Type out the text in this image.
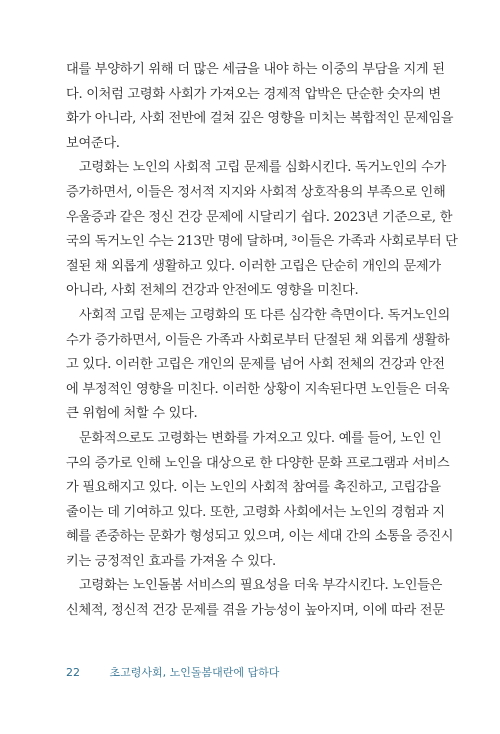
대를 부양하기 위해 더 많은 세금을 내야 하는 이중의 부담을 지게 된
다. 이처럼 고령화 사회가 가져오는 경제적 압박은 단순한 숫자의 변
화가 아니라, 사회 전반에 걸쳐 깊은 영향을 미치는 복합적인 문제임을
보여준다.
고령화는 노인의 사회적 고립 문제를 심화시킨다. 독거노인의 수가
증가하면서, 이들은 정서적 지지와 사회적 상호작용의 부족으로 인해
우울증과 같은 정신 건강 문제에 시달리기 쉽다. 2023년 기준으로, 한
국의 독거노인 수는 213만 명에 달하며, ³이들은 가족과 사회로부터 단
절된 채 외롭게 생활하고 있다. 이러한 고립은 단순히 개인의 문제가
아니라, 사회 전체의 건강과 안전에도 영향을 미친다.
사회적 고립 문제는 고령화의 또 다른 심각한 측면이다. 독거노인의
수가 증가하면서, 이들은 가족과 사회로부터 단절된 채 외롭게 생활하
고 있다. 이러한 고립은 개인의 문제를 넘어 사회 전체의 건강과 안전
에 부정적인 영향을 미친다. 이러한 상황이 지속된다면 노인들은 더욱
큰 위험에 처할 수 있다.
문화적으로도 고령화는 변화를 가져오고 있다. 예를 들어, 노인 인
구의 증가로 인해 노인을 대상으로 한 다양한 문화 프로그램과 서비스
가 필요해지고 있다. 이는 노인의 사회적 참여를 촉진하고, 고립감을
줄이는 데 기여하고 있다. 또한, 고령화 사회에서는 노인의 경험과 지
혜를 존중하는 문화가 형성되고 있으며, 이는 세대 간의 소통을 증진시
키는 긍정적인 효과를 가져올 수 있다.
고령화는 노인돌봄 서비스의 필요성을 더욱 부각시킨다. 노인들은
신체적, 정신적 건강 문제를 겪을 가능성이 높아지며, 이에 따라 전문
22	초고령사회, 노인돌봄대란에 답하다
